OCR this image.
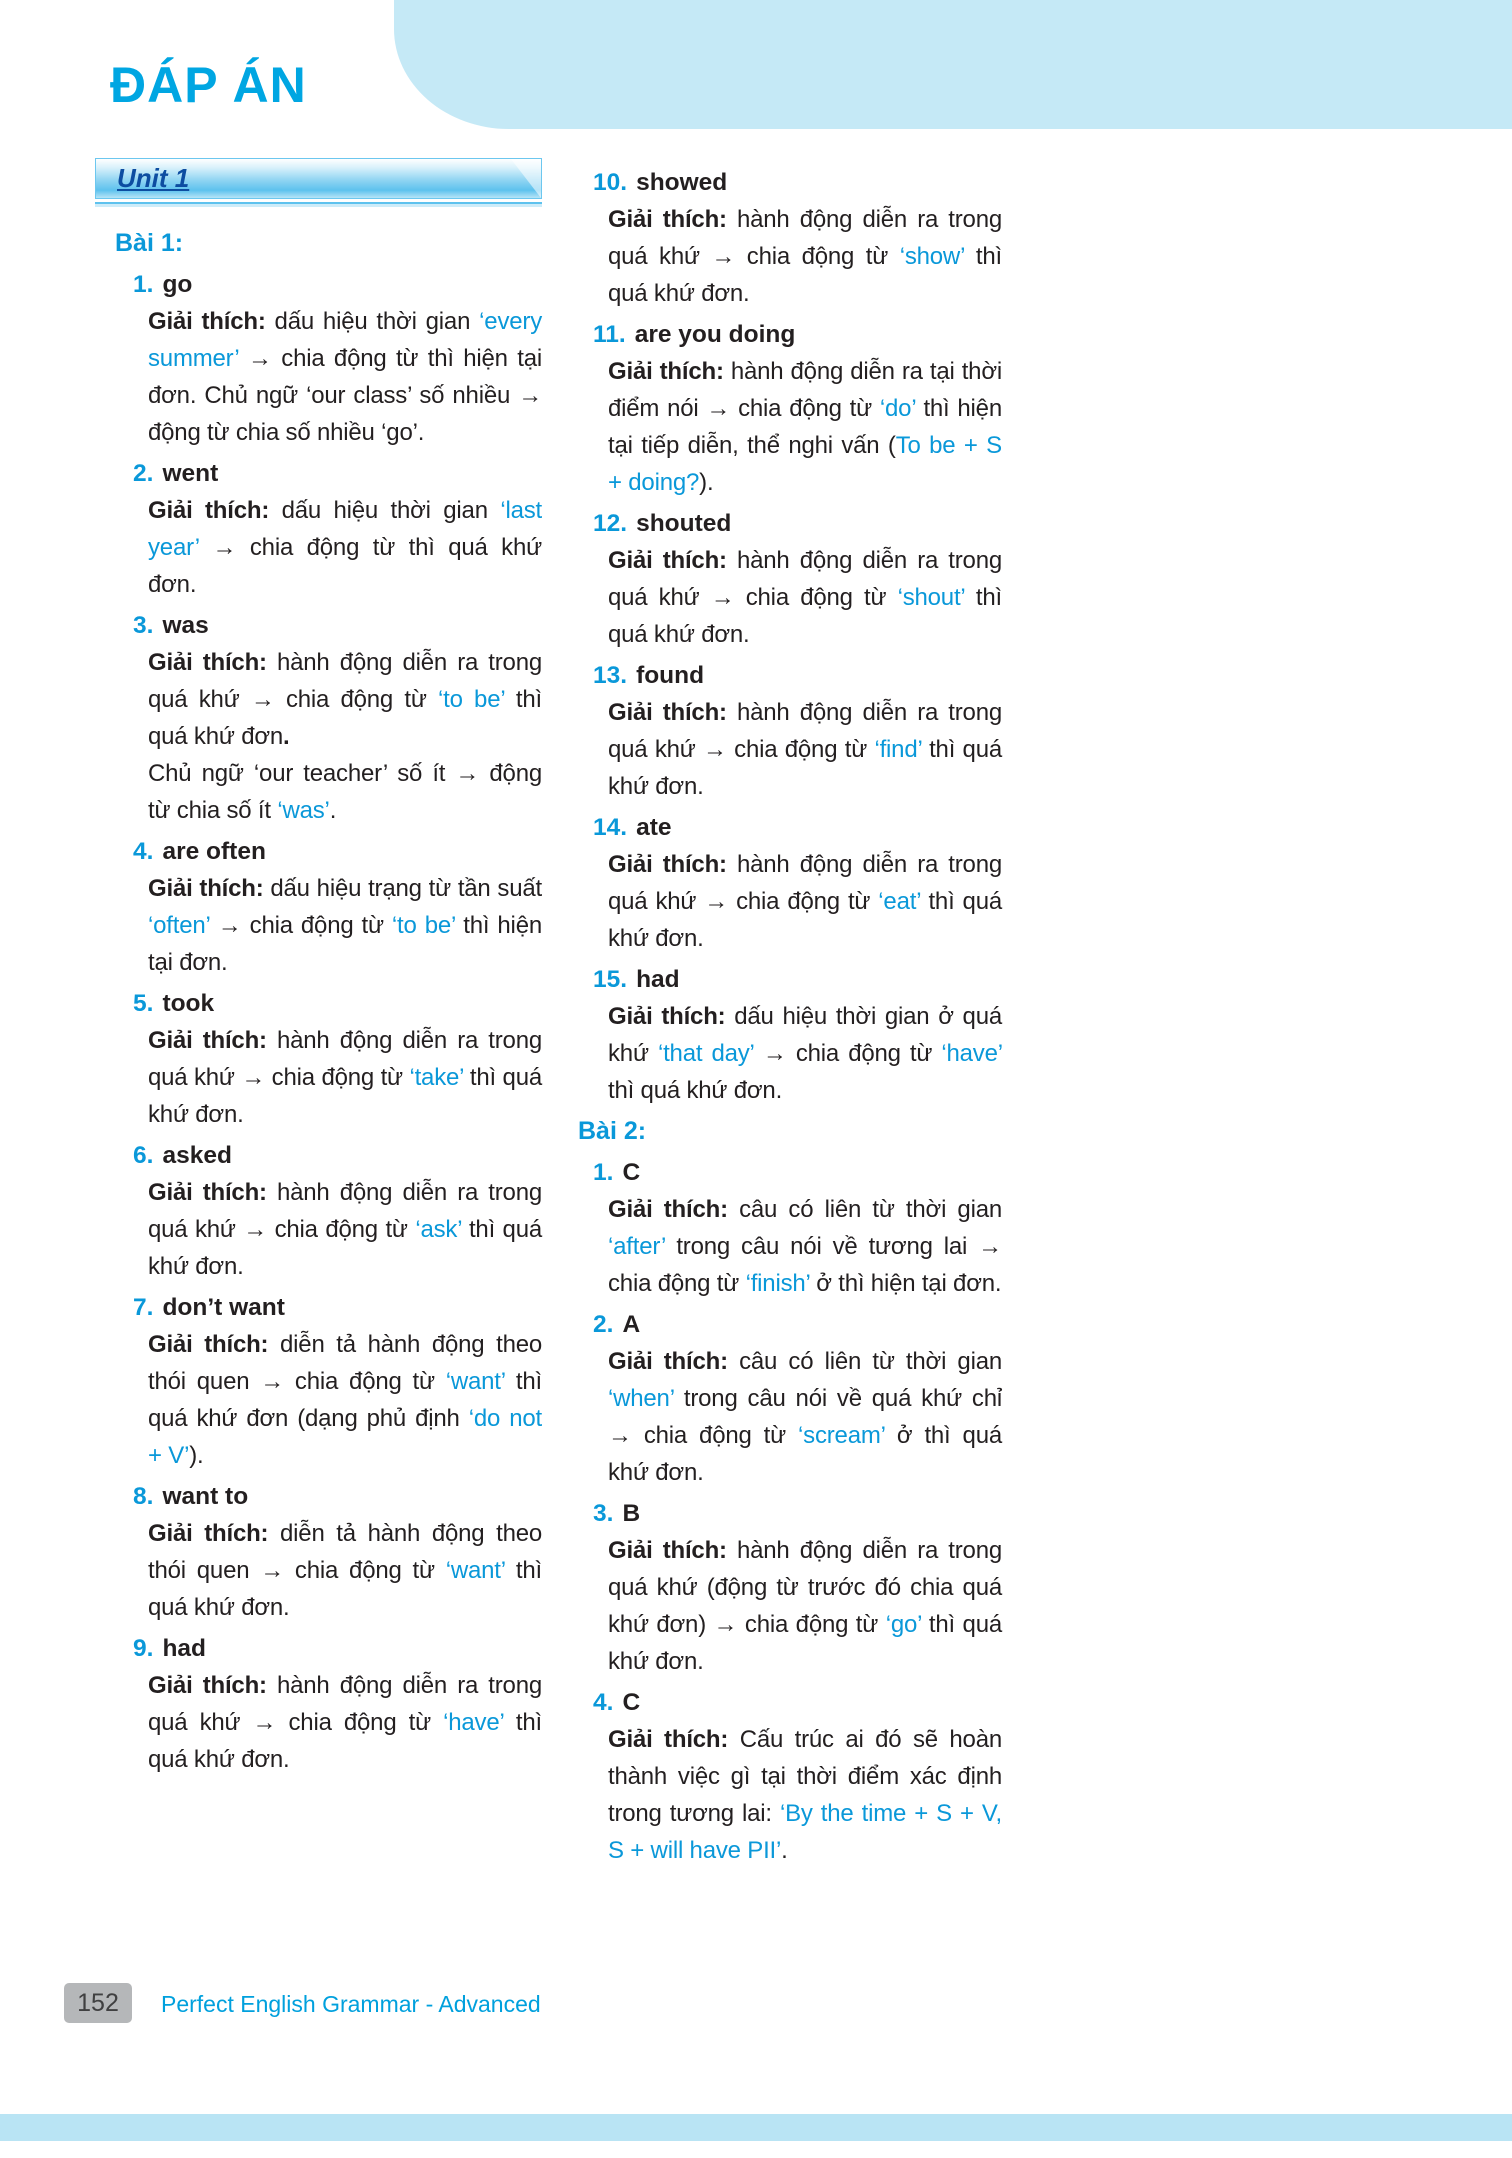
ĐÁP ÁN
Unit 1
Bài 1:
1. go

Giải thích: dấu hiệu thời gian ‘every summer’ → chia động từ thì hiện tại đơn. Chủ ngữ ‘our class’ số nhiều → động từ chia số nhiều ‘go’.

2. went

Giải thích: dấu hiệu thời gian ‘last year’ → chia động từ thì quá khứ đơn.

3. was

Giải thích: hành động diễn ra trong quá khứ → chia động từ ‘to be’ thì quá khứ đơn.

Chủ ngữ ‘our teacher’ số ít → động từ chia số ít ‘was’.

4. are often

Giải thích: dấu hiệu trạng từ tần suất ‘often’ → chia động từ ‘to be’ thì hiện tại đơn.

5. took

Giải thích: hành động diễn ra trong quá khứ → chia động từ ‘take’ thì quá khứ đơn.

6. asked

Giải thích: hành động diễn ra trong quá khứ → chia động từ ‘ask’ thì quá khứ đơn.

7. don’t want

Giải thích: diễn tả hành động theo thói quen → chia động từ ‘want’ thì quá khứ đơn (dạng phủ định ‘do not + V’).

8. want to

Giải thích: diễn tả hành động theo thói quen → chia động từ ‘want’ thì quá khứ đơn.

9. had

Giải thích: hành động diễn ra trong quá khứ → chia động từ ‘have’ thì quá khứ đơn.

10. showed

Giải thích: hành động diễn ra trong quá khứ → chia động từ ‘show’ thì quá khứ đơn.

11. are you doing

Giải thích: hành động diễn ra tại thời điểm nói → chia động từ ‘do’ thì hiện tại tiếp diễn, thể nghi vấn (To be + S + doing?).

12. shouted

Giải thích: hành động diễn ra trong quá khứ → chia động từ ‘shout’ thì quá khứ đơn.

13. found

Giải thích: hành động diễn ra trong quá khứ → chia động từ ‘find’ thì quá khứ đơn.

14. ate

Giải thích: hành động diễn ra trong quá khứ → chia động từ ‘eat’ thì quá khứ đơn.

15. had

Giải thích: dấu hiệu thời gian ở quá khứ ‘that day’ → chia động từ ‘have’ thì quá khứ đơn.

Bài 2:
1. C

Giải thích: câu có liên từ thời gian ‘after’ trong câu nói về tương lai → chia động từ ‘finish’ ở thì hiện tại đơn.

2. A

Giải thích: câu có liên từ thời gian ‘when’ trong câu nói về quá khứ chỉ → chia động từ ‘scream’ ở thì quá khứ đơn.

3. B

Giải thích: hành động diễn ra trong quá khứ (động từ trước đó chia quá khứ đơn) → chia động từ ‘go’ thì quá khứ đơn.

4. C

Giải thích: Cấu trúc ai đó sẽ hoàn thành việc gì tại thời điểm xác định trong tương lai: ‘By the time + S + V, S + will have PII’.

152	Perfect English Grammar - Advanced
